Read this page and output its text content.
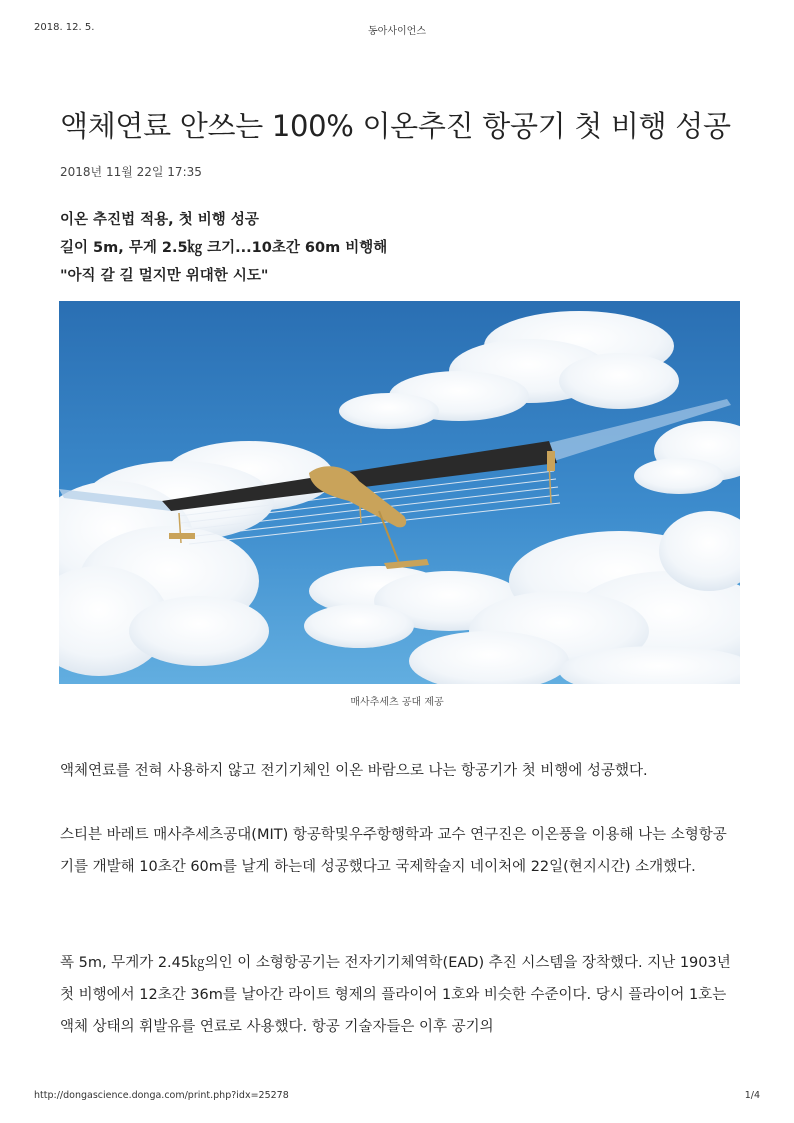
2018. 12. 5.	동아사이언스
액체연료 안쓰는 100% 이온추진 항공기 첫 비행 성공
2018년 11월 22일 17:35
이온 추진법 적용, 첫 비행 성공
길이 5m, 무게 2.5㎏ 크기...10초간 60m 비행해
"아직 갈 길 멀지만 위대한 시도"
매사추세츠 공대 제공

액체연료를 전혀 사용하지 않고 전기기체인 이온 바람으로 나는 항공기가 첫 비행에 성공했다.

스티븐 바레트 매사추세츠공대(MIT) 항공학및우주항행학과 교수 연구진은 이온풍을 이용해 나는 소형항공기를 개발해 10초간 60m를 날게 하는데 성공했다고 국제학술지 네이처에 22일(현지시간) 소개했다.

폭 5m, 무게가 2.45㎏의인 이 소형항공기는 전자기기체역학(EAD) 추진 시스템을 장착했다. 지난 1903년 첫 비행에서 12초간 36m를 날아간 라이트 형제의 플라이어 1호와 비슷한 수준이다. 당시 플라이어 1호는 액체 상태의 휘발유를 연료로 사용했다. 항공 기술자들은 이후 공기의

http://dongascience.donga.com/print.php?idx=25278	1/4
